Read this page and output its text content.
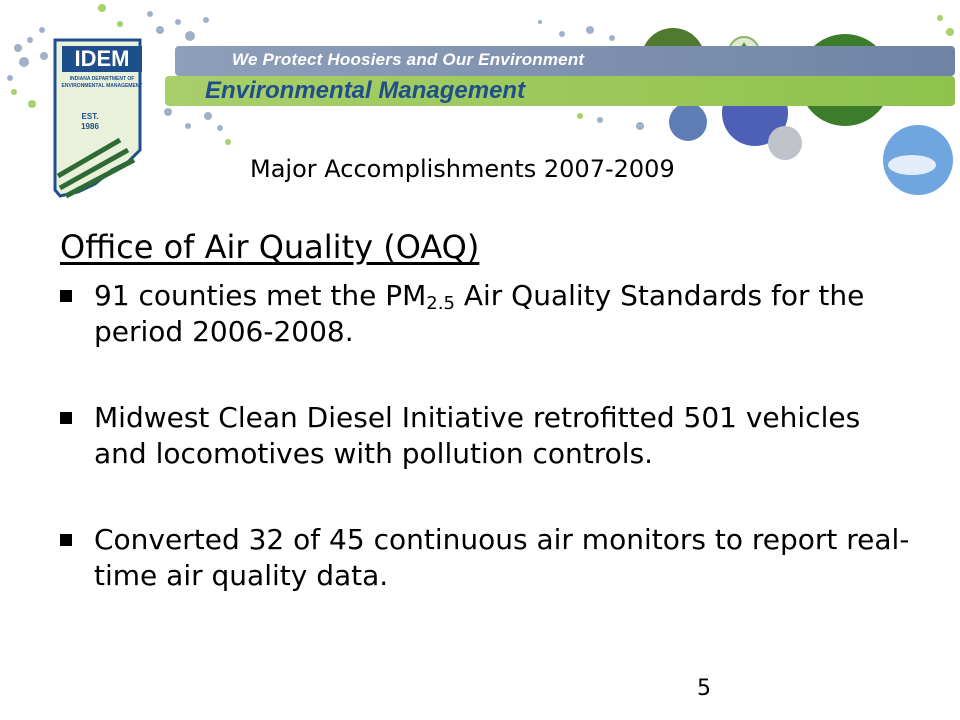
We Protect Hoosiers and Our Environment
Environmental Management
IDEM
INDIANA DEPARTMENT OF ENVIRONMENTAL MANAGEMENT
EST. 1986
Major Accomplishments 2007-2009
Office of Air Quality (OAQ)
91 counties met the $PM_{2.5}$ Air Quality Standards for the period 2006-2008.
Midwest Clean Diesel Initiative retrofitted 501 vehicles and locomotives with pollution controls.
Converted 32 of 45 continuous air monitors to report real-time air quality data.
5
